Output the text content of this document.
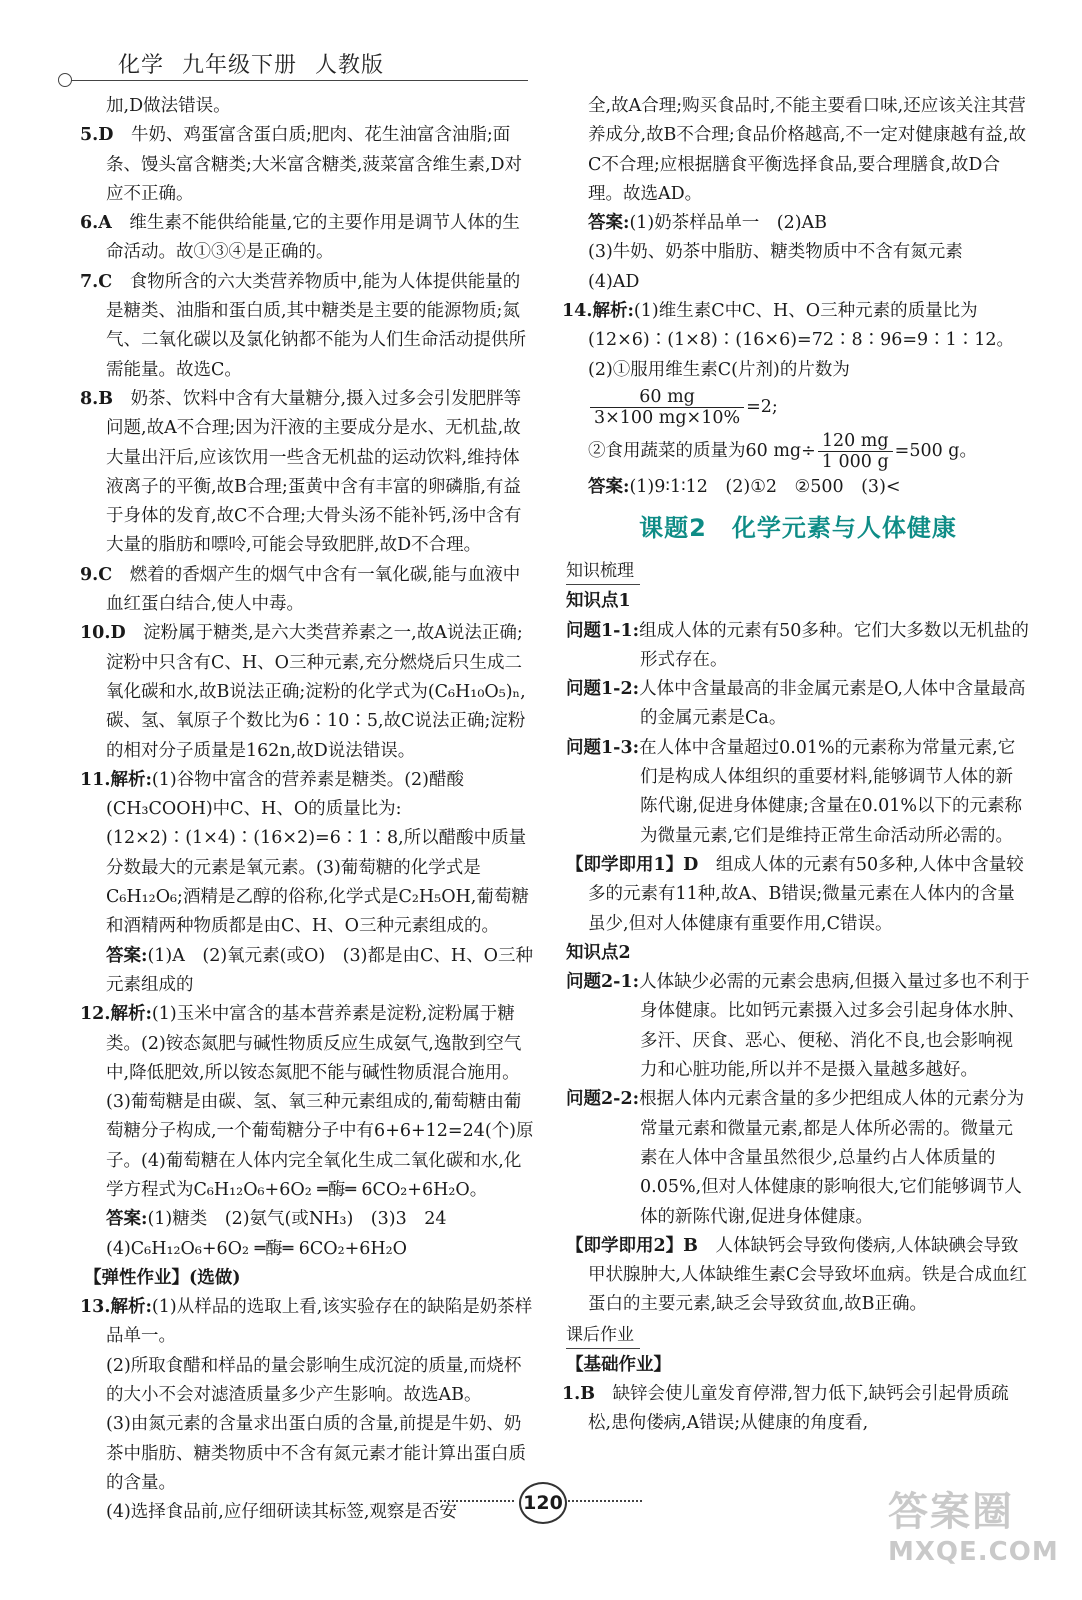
化学 九年级下册 人教版

加,D做法错误。

5.D　 牛奶、鸡蛋富含蛋白质;肥肉、花生油富含油脂;面条、馒头富含糖类;大米富含糖类,菠菜富含维生素,D对应不正确。

6.A　 维生素不能供给能量,它的主要作用是调节人体的生命活动。故①③④是正确的。

7.C　 食物所含的六大类营养物质中,能为人体提供能量的是糖类、油脂和蛋白质,其中糖类是主要的能源物质;氮气、二氧化碳以及氯化钠都不能为人们生命活动提供所需能量。故选C。

8.B　 奶茶、饮料中含有大量糖分,摄入过多会引发肥胖等问题,故A不合理;因为汗液的主要成分是水、无机盐,故大量出汗后,应该饮用一些含无机盐的运动饮料,维持体液离子的平衡,故B合理;蛋黄中含有丰富的卵磷脂,有益于身体的发育,故C不合理;大骨头汤不能补钙,汤中含有大量的脂肪和嘌呤,可能会导致肥胖,故D不合理。

9.C　 燃着的香烟产生的烟气中含有一氧化碳,能与血液中血红蛋白结合,使人中毒。

10.D　 淀粉属于糖类,是六大类营养素之一,故A说法正确;淀粉中只含有C、H、O三种元素,充分燃烧后只生成二氧化碳和水,故B说法正确;淀粉的化学式为(C₆H₁₀O₅)ₙ,碳、氢、氧原子个数比为6∶10∶5,故C说法正确;淀粉的相对分子质量是162n,故D说法错误。

11.解析:(1)谷物中富含的营养素是糖类。(2)醋酸(CH₃COOH)中C、H、O的质量比为:(12×2)∶(1×4)∶(16×2)=6∶1∶8,所以醋酸中质量分数最大的元素是氧元素。(3)葡萄糖的化学式是C₆H₁₂O₆;酒精是乙醇的俗称,化学式是C₂H₅OH,葡萄糖和酒精两种物质都是由C、H、O三种元素组成的。

答案:(1)A　(2)氧元素(或O)　(3)都是由C、H、O三种元素组成的

12.解析:(1)玉米中富含的基本营养素是淀粉,淀粉属于糖类。(2)铵态氮肥与碱性物质反应生成氨气,逸散到空气中,降低肥效,所以铵态氮肥不能与碱性物质混合施用。(3)葡萄糖是由碳、氢、氧三种元素组成的,葡萄糖由葡萄糖分子构成,一个葡萄糖分子中有6+6+12=24(个)原子。(4)葡萄糖在人体内完全氧化生成二氧化碳和水,化学方程式为C₆H₁₂O₆+6O₂ ═酶═ 6CO₂+6H₂O。

答案:(1)糖类　(2)氨气(或NH₃)　(3)3　24

(4)C₆H₁₂O₆+6O₂ ═酶═ 6CO₂+6H₂O

【弹性作业】(选做)

13.解析:(1)从样品的选取上看,该实验存在的缺陷是奶茶样品单一。

(2)所取食醋和样品的量会影响生成沉淀的质量,而烧杯的大小不会对滤渣质量多少产生影响。故选AB。

(3)由氮元素的含量求出蛋白质的含量,前提是牛奶、奶茶中脂肪、糖类物质中不含有氮元素才能计算出蛋白质的含量。

(4)选择食品前,应仔细研读其标签,观察是否安

全,故A合理;购买食品时,不能主要看口味,还应该关注其营养成分,故B不合理;食品价格越高,不一定对健康越有益,故C不合理;应根据膳食平衡选择食品,要合理膳食,故D合理。故选AD。

答案:(1)奶茶样品单一　(2)AB

(3)牛奶、奶茶中脂肪、糖类物质中不含有氮元素　(4)AD

14.解析:(1)维生素C中C、H、O三种元素的质量比为(12×6)∶(1×8)∶(16×6)=72∶8∶96=9∶1∶12。

(2)①服用维生素C(片剂)的片数为

$\frac{60 mg}{3\times 100 mg\times 10\%} =2$;

②食用蔬菜的质量为60 $mg\div \frac{120 mg}{1 000 g} =500$ g。

答案:(1)9∶1∶12　(2)①2　②500　(3)<

课题2　化学元素与人体健康
知识梳理

知识点1

问题1-1:组成人体的元素有50多种。它们大多数以无机盐的形式存在。

问题1-2:人体中含量最高的非金属元素是O,人体中含量最高的金属元素是Ca。

问题1-3:在人体中含量超过0.01%的元素称为常量元素,它们是构成人体组织的重要材料,能够调节人体的新陈代谢,促进身体健康;含量在0.01%以下的元素称为微量元素,它们是维持正常生命活动所必需的。

【即学即用1】D　 组成人体的元素有50多种,人体中含量较多的元素有11种,故A、B错误;微量元素在人体内的含量虽少,但对人体健康有重要作用,C错误。

知识点2

问题2-1:人体缺少必需的元素会患病,但摄入量过多也不利于身体健康。比如钙元素摄入过多会引起身体水肿、多汗、厌食、恶心、便秘、消化不良,也会影响视力和心脏功能,所以并不是摄入量越多越好。

问题2-2:根据人体内元素含量的多少把组成人体的元素分为常量元素和微量元素,都是人体所必需的。微量元素在人体中含量虽然很少,总量约占人体质量的0.05%,但对人体健康的影响很大,它们能够调节人体的新陈代谢,促进身体健康。

【即学即用2】B　 人体缺钙会导致佝偻病,人体缺碘会导致甲状腺肿大,人体缺维生素C会导致坏血病。铁是合成血红蛋白的主要元素,缺乏会导致贫血,故B正确。

课后作业

【基础作业】

1.B　 缺锌会使儿童发育停滞,智力低下,缺钙会引起骨质疏松,患佝偻病,A错误;从健康的角度看,

120	答案圈
MXQE.COM
